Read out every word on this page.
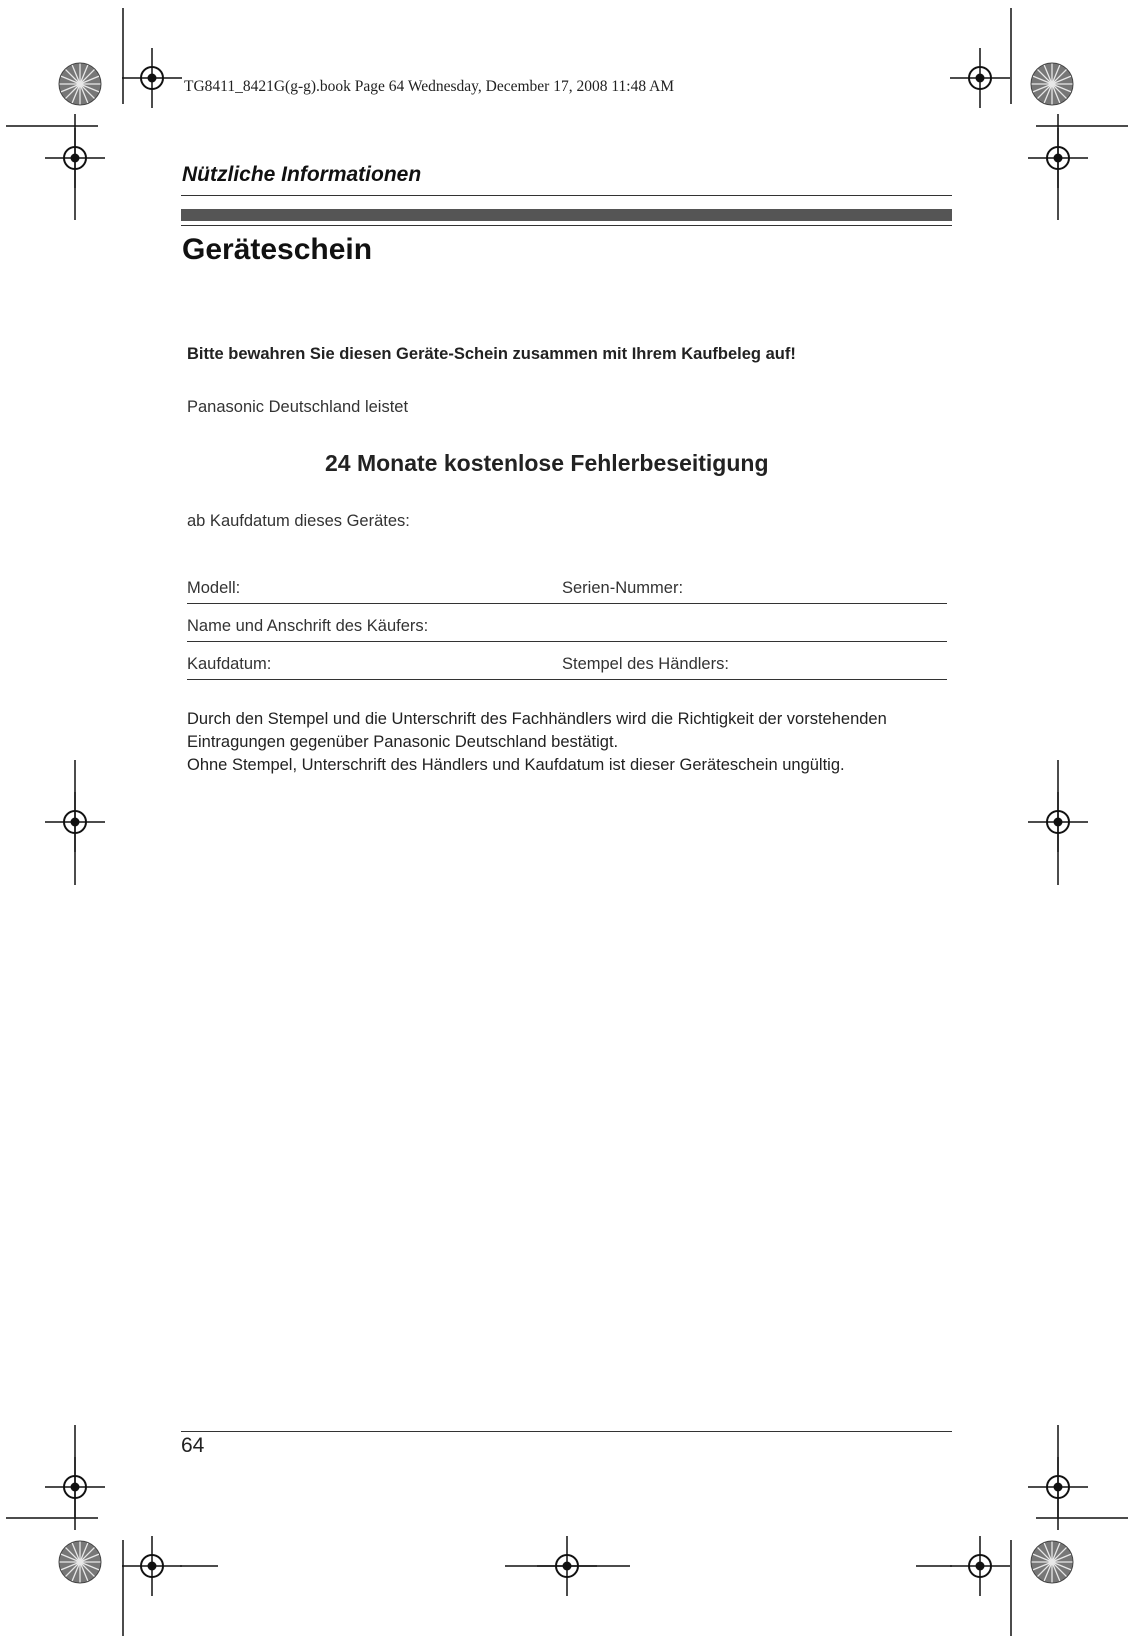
TG8411_8421G(g-g).book Page 64 Wednesday, December 17, 2008 11:48 AM
Nützliche Informationen
Geräteschein
Bitte bewahren Sie diesen Geräte-Schein zusammen mit Ihrem Kaufbeleg auf!
Panasonic Deutschland leistet
24 Monate kostenlose Fehlerbeseitigung
ab Kaufdatum dieses Gerätes:
Modell:	Serien-Nummer:
Name und Anschrift des Käufers:
Kaufdatum:	Stempel des Händlers:

Durch den Stempel und die Unterschrift des Fachhändlers wird die Richtigkeit der vorstehenden Eintragungen gegenüber Panasonic Deutschland bestätigt.

Ohne Stempel, Unterschrift des Händlers und Kaufdatum ist dieser Geräteschein ungültig.

64
